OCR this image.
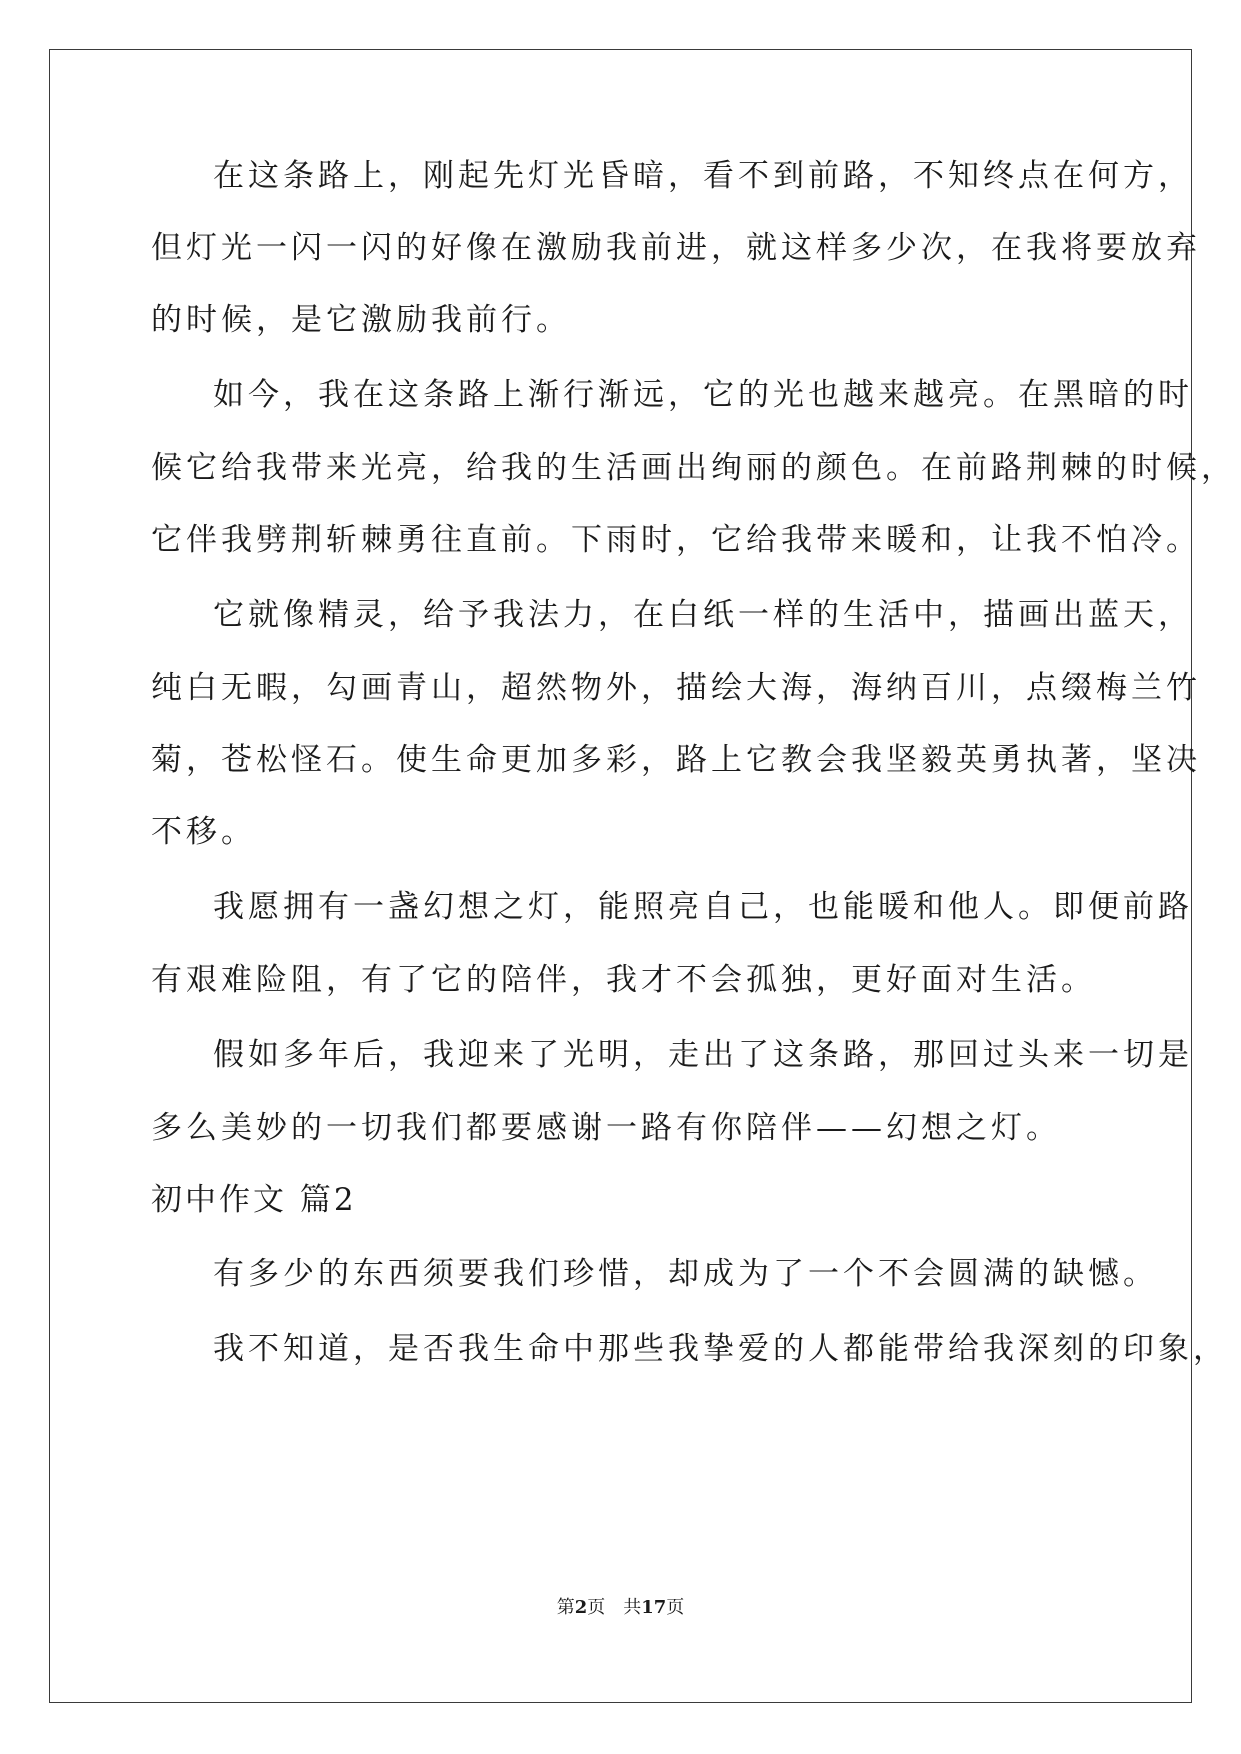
在这条路上，刚起先灯光昏暗，看不到前路，不知终点在何方，
但灯光一闪一闪的好像在激励我前进，就这样多少次，在我将要放弃
的时候，是它激励我前行。
如今，我在这条路上渐行渐远，它的光也越来越亮。在黑暗的时
候它给我带来光亮，给我的生活画出绚丽的颜色。在前路荆棘的时候，
它伴我劈荆斩棘勇往直前。下雨时，它给我带来暖和，让我不怕冷。
它就像精灵，给予我法力，在白纸一样的生活中，描画出蓝天，
纯白无暇，勾画青山，超然物外，描绘大海，海纳百川，点缀梅兰竹
菊，苍松怪石。使生命更加多彩，路上它教会我坚毅英勇执著，坚决
不移。
我愿拥有一盏幻想之灯，能照亮自己，也能暖和他人。即便前路
有艰难险阻，有了它的陪伴，我才不会孤独，更好面对生活。
假如多年后，我迎来了光明，走出了这条路，那回过头来一切是
多么美妙的一切我们都要感谢一路有你陪伴——幻想之灯。
初中作文 篇2
有多少的东西须要我们珍惜，却成为了一个不会圆满的缺憾。
我不知道，是否我生命中那些我挚爱的人都能带给我深刻的印象，
第2页 共17页
